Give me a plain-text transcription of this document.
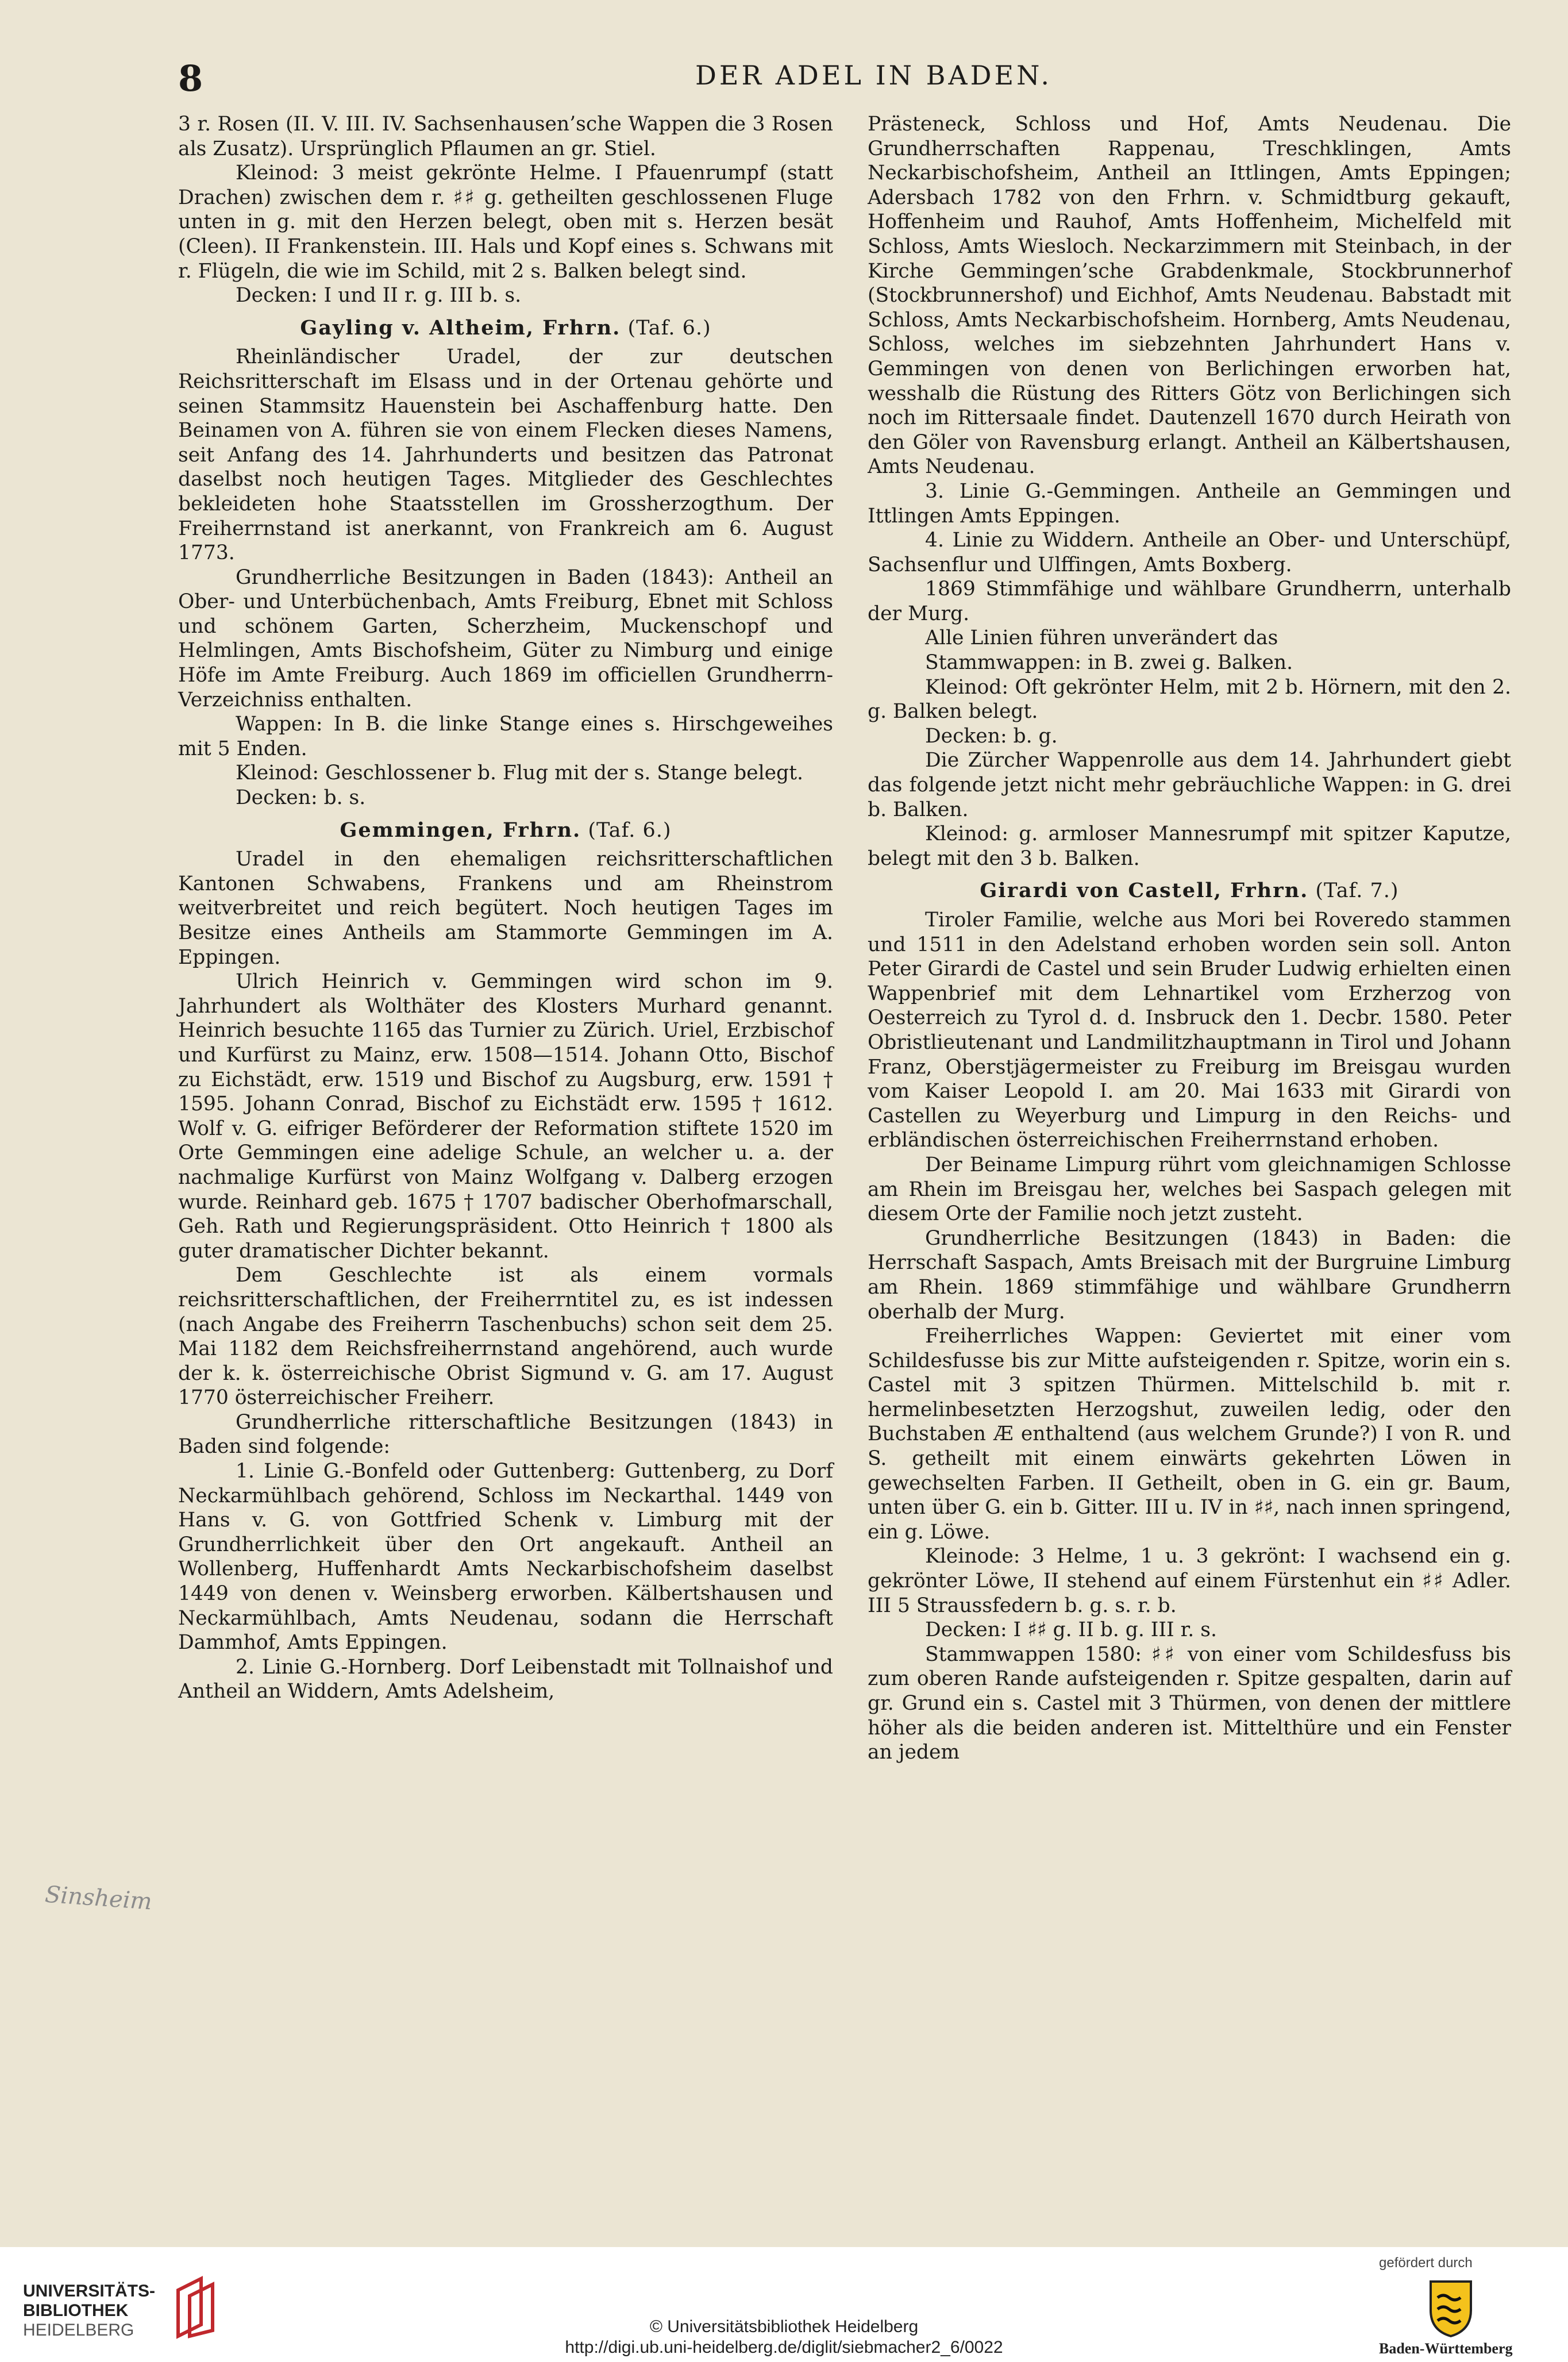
8	DER ADEL IN BADEN.

3 r. Rosen (II. V. III. IV. Sachsenhausen’sche Wappen die 3 Rosen als Zusatz). Ursprünglich Pflaumen an gr. Stiel.

Kleinod: 3 meist gekrönte Helme. I Pfauenrumpf (statt Drachen) zwischen dem r. ♯♯ g. getheilten geschlossenen Fluge unten in g. mit den Herzen belegt, oben mit s. Herzen besät (Cleen). II Frankenstein. III. Hals und Kopf eines s. Schwans mit r. Flügeln, die wie im Schild, mit 2 s. Balken belegt sind.

Decken: I und II r. g. III b. s.

Gayling v. Altheim, Frhrn. (Taf. 6.)

Rheinländischer Uradel, der zur deutschen Reichsritterschaft im Elsass und in der Ortenau gehörte und seinen Stammsitz Hauenstein bei Aschaffenburg hatte. Den Beinamen von A. führen sie von einem Flecken dieses Namens, seit Anfang des 14. Jahrhunderts und besitzen das Patronat daselbst noch heutigen Tages. Mitglieder des Geschlechtes bekleideten hohe Staatsstellen im Grossherzogthum. Der Freiherrnstand ist anerkannt, von Frankreich am 6. August 1773.

Grundherrliche Besitzungen in Baden (1843): Antheil an Ober- und Unterbüchenbach, Amts Freiburg, Ebnet mit Schloss und schönem Garten, Scherzheim, Muckenschopf und Helmlingen, Amts Bischofsheim, Güter zu Nimburg und einige Höfe im Amte Freiburg. Auch 1869 im officiellen Grundherrn-Verzeichniss enthalten.

Wappen: In B. die linke Stange eines s. Hirschgeweihes mit 5 Enden.

Kleinod: Geschlossener b. Flug mit der s. Stange belegt.

Decken: b. s.

Gemmingen, Frhrn. (Taf. 6.)

Uradel in den ehemaligen reichsritterschaftlichen Kantonen Schwabens, Frankens und am Rheinstrom weitverbreitet und reich begütert. Noch heutigen Tages im Besitze eines Antheils am Stammorte Gemmingen im A. Eppingen.

Ulrich Heinrich v. Gemmingen wird schon im 9. Jahrhundert als Wolthäter des Klosters Murhard genannt. Heinrich besuchte 1165 das Turnier zu Zürich. Uriel, Erzbischof und Kurfürst zu Mainz, erw. 1508—1514. Johann Otto, Bischof zu Eichstädt, erw. 1519 und Bischof zu Augsburg, erw. 1591 † 1595. Johann Conrad, Bischof zu Eichstädt erw. 1595 † 1612. Wolf v. G. eifriger Beförderer der Reformation stiftete 1520 im Orte Gemmingen eine adelige Schule, an welcher u. a. der nachmalige Kurfürst von Mainz Wolfgang v. Dalberg erzogen wurde. Reinhard geb. 1675 † 1707 badischer Oberhofmarschall, Geh. Rath und Regierungspräsident. Otto Heinrich † 1800 als guter dramatischer Dichter bekannt.

Dem Geschlechte ist als einem vormals reichsritterschaftlichen, der Freiherrntitel zu, es ist indessen (nach Angabe des Freiherrn Taschenbuchs) schon seit dem 25. Mai 1182 dem Reichsfreiherrnstand angehörend, auch wurde der k. k. österreichische Obrist Sigmund v. G. am 17. August 1770 österreichischer Freiherr.

Grundherrliche ritterschaftliche Besitzungen (1843) in Baden sind folgende:

1. Linie G.-Bonfeld oder Guttenberg: Guttenberg, zu Dorf Neckarmühlbach gehörend, Schloss im Neckarthal. 1449 von Hans v. G. von Gottfried Schenk v. Limburg mit der Grundherrlichkeit über den Ort angekauft. Antheil an Wollenberg, Huffenhardt Amts Neckarbischofsheim daselbst 1449 von denen v. Weinsberg erworben. Kälbertshausen und Neckarmühlbach, Amts Neudenau, sodann die Herrschaft Dammhof, Amts Eppingen.

2. Linie G.-Hornberg. Dorf Leibenstadt mit Tollnaishof und Antheil an Widdern, Amts Adelsheim,

Prästeneck, Schloss und Hof, Amts Neudenau. Die Grundherrschaften Rappenau, Treschklingen, Amts Neckarbischofsheim, Antheil an Ittlingen, Amts Eppingen; Adersbach 1782 von den Frhrn. v. Schmidtburg gekauft, Hoffenheim und Rauhof, Amts Hoffenheim, Michelfeld mit Schloss, Amts Wiesloch. Neckarzimmern mit Steinbach, in der Kirche Gemmingen’sche Grabdenkmale, Stockbrunnerhof (Stockbrunnershof) und Eichhof, Amts Neudenau. Babstadt mit Schloss, Amts Neckarbischofsheim. Hornberg, Amts Neudenau, Schloss, welches im siebzehnten Jahrhundert Hans v. Gemmingen von denen von Berlichingen erworben hat, wesshalb die Rüstung des Ritters Götz von Berlichingen sich noch im Rittersaale findet. Dautenzell 1670 durch Heirath von den Göler von Ravensburg erlangt. Antheil an Kälbertshausen, Amts Neudenau.

3. Linie G.-Gemmingen. Antheile an Gemmingen und Ittlingen Amts Eppingen.

4. Linie zu Widdern. Antheile an Ober- und Unterschüpf, Sachsenflur und Ulffingen, Amts Boxberg.

1869 Stimmfähige und wählbare Grundherrn, unterhalb der Murg.

Alle Linien führen unverändert das

Stammwappen: in B. zwei g. Balken.

Kleinod: Oft gekrönter Helm, mit 2 b. Hörnern, mit den 2. g. Balken belegt.

Decken: b. g.

Die Zürcher Wappenrolle aus dem 14. Jahrhundert giebt das folgende jetzt nicht mehr gebräuchliche Wappen: in G. drei b. Balken.

Kleinod: g. armloser Mannesrumpf mit spitzer Kaputze, belegt mit den 3 b. Balken.

Girardi von Castell, Frhrn. (Taf. 7.)

Tiroler Familie, welche aus Mori bei Roveredo stammen und 1511 in den Adelstand erhoben worden sein soll. Anton Peter Girardi de Castel und sein Bruder Ludwig erhielten einen Wappenbrief mit dem Lehnartikel vom Erzherzog von Oesterreich zu Tyrol d. d. Insbruck den 1. Decbr. 1580. Peter Obristlieutenant und Landmilitzhauptmann in Tirol und Johann Franz, Oberstjägermeister zu Freiburg im Breisgau wurden vom Kaiser Leopold I. am 20. Mai 1633 mit Girardi von Castellen zu Weyerburg und Limpurg in den Reichs- und erbländischen österreichischen Freiherrnstand erhoben.

Der Beiname Limpurg rührt vom gleichnamigen Schlosse am Rhein im Breisgau her, welches bei Saspach gelegen mit diesem Orte der Familie noch jetzt zusteht.

Grundherrliche Besitzungen (1843) in Baden: die Herrschaft Saspach, Amts Breisach mit der Burgruine Limburg am Rhein. 1869 stimmfähige und wählbare Grundherrn oberhalb der Murg.

Freiherrliches Wappen: Geviertet mit einer vom Schildesfusse bis zur Mitte aufsteigenden r. Spitze, worin ein s. Castel mit 3 spitzen Thürmen. Mittelschild b. mit r. hermelinbesetzten Herzogshut, zuweilen ledig, oder den Buchstaben Æ enthaltend (aus welchem Grunde?) I von R. und S. getheilt mit einem einwärts gekehrten Löwen in gewechselten Farben. II Getheilt, oben in G. ein gr. Baum, unten über G. ein b. Gitter. III u. IV in ♯♯, nach innen springend, ein g. Löwe.

Kleinode: 3 Helme, 1 u. 3 gekrönt: I wachsend ein g. gekrönter Löwe, II stehend auf einem Fürstenhut ein ♯♯ Adler. III 5 Straussfedern b. g. s. r. b.

Decken: I ♯♯ g. II b. g. III r. s.

Stammwappen 1580: ♯♯ von einer vom Schildesfuss bis zum oberen Rande aufsteigenden r. Spitze gespalten, darin auf gr. Grund ein s. Castel mit 3 Thürmen, von denen der mittlere höher als die beiden anderen ist. Mittelthüre und ein Fenster an jedem

Sinsheim
UNIVERSITÄTS-
BIBLIOTHEK
HEIDELBERG	© Universitätsbibliothek Heidelberg
http://digi.ub.uni-heidelberg.de/diglit/siebmacher2_6/0022
gefördert durch
Baden-Württemberg
